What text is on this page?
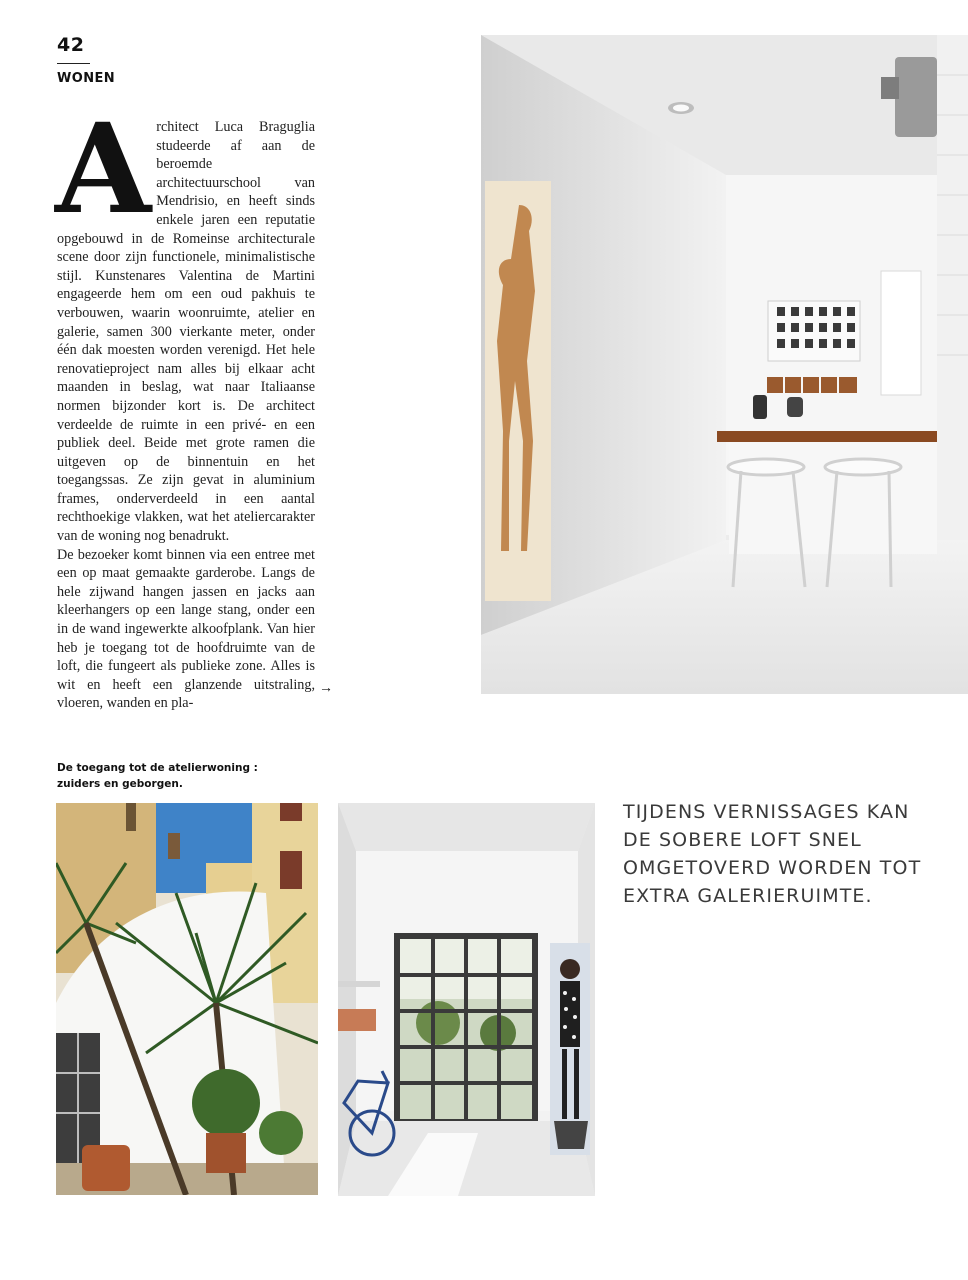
42
WONEN
A rchitect Luca Braguglia studeerde af aan de beroemde architectuurschool van Mendrisio, en heeft sinds enkele jaren een reputatie opgebouwd in de Romeinse architecturale scene door zijn functionele, minimalistische stijl. Kunstenares Valentina de Martini engageerde hem om een oud pakhuis te verbouwen, waarin woonruimte, atelier en galerie, samen 300 vierkante meter, onder één dak moesten worden verenigd. Het hele renovatieproject nam alles bij elkaar acht maanden in beslag, wat naar Italiaanse normen bijzonder kort is. De architect verdeelde de ruimte in een privé- en een publiek deel. Beide met grote ramen die uitgeven op de binnentuin en het toegangssas. Ze zijn gevat in aluminium frames, onderverdeeld in een aantal rechthoekige vlakken, wat het ateliercarakter van de woning nog benadrukt.

De bezoeker komt binnen via een entree met een op maat gemaakte garderobe. Langs de hele zijwand hangen jassen en jacks aan kleerhangers op een lange stang, onder een in de wand ingewerkte alkoofplank. Van hier heb je toegang tot de hoofdruimte van de loft, die fungeert als publieke zone. Alles is wit en heeft een glanzende uitstraling, vloeren, wanden en pla-

→
De toegang tot de atelierwoning :
zuiders en geborgen.
TIJDENS VERNISSAGES KAN DE SOBERE LOFT SNEL OMGETOVERD WORDEN TOT EXTRA GALERIERUIMTE.
